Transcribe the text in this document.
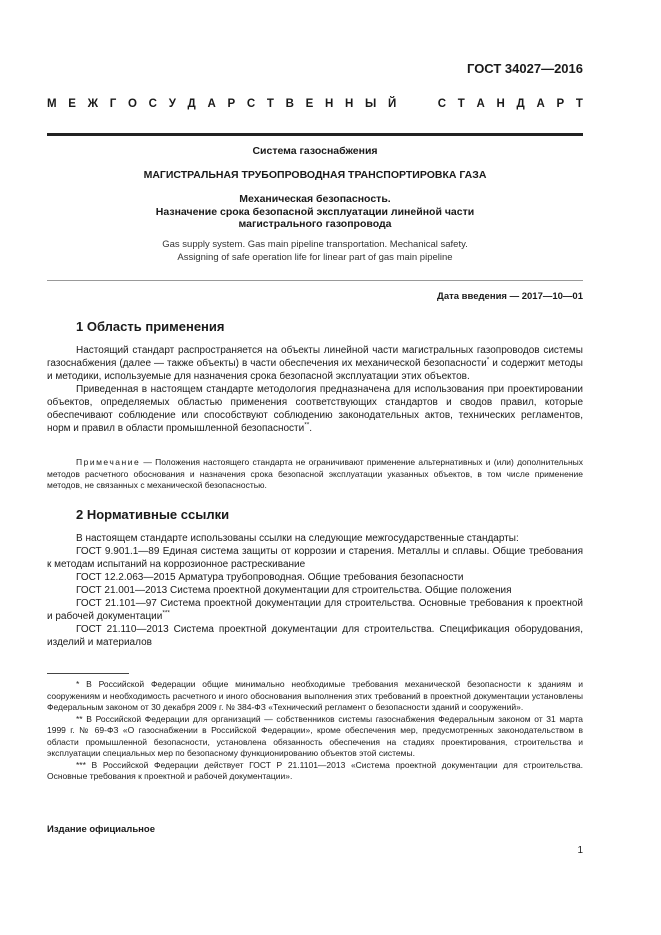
ГОСТ 34027—2016
М Е Ж Г О С У Д А Р С Т В Е Н Н Ы Й

	С Т А Н Д А Р Т
Система газоснабжения
МАГИСТРАЛЬНАЯ ТРУБОПРОВОДНАЯ ТРАНСПОРТИРОВКА ГАЗА
Механическая безопасность.
Назначение срока безопасной эксплуатации линейной части
магистрального газопровода
Gas supply system. Gas main pipeline transportation. Mechanical safety.
Assigning of safe operation life for linear part of gas main pipeline
Дата введения — 2017—10—01
1 Область применения

Настоящий стандарт распространяется на объекты линейной части магистральных газопроводов системы газоснабжения (далее — также объекты) в части обеспечения их механической безопасности* и содержит методы и методики, используемые для назначения срока безопасной эксплуатации этих объектов.

Приведенная в настоящем стандарте методология предназначена для использования при проектировании объектов, определяемых областью применения соответствующих стандартов и сводов правил, которые обеспечивают соблюдение или способствуют соблюдению законодательных актов, технических регламентов, норм и правил в области промышленной безопасности**.

Примечание — Положения настоящего стандарта не ограничивают применение альтернативных и (или) дополнительных методов расчетного обоснования и назначения срока безопасной эксплуатации указанных объектов, в том числе применение методов, не связанных с механической безопасностью.

2 Нормативные ссылки

В настоящем стандарте использованы ссылки на следующие межгосударственные стандарты:

ГОСТ 9.901.1—89 Единая система защиты от коррозии и старения. Металлы и сплавы. Общие требования к методам испытаний на коррозионное растрескивание

ГОСТ 12.2.063—2015 Арматура трубопроводная. Общие требования безопасности

ГОСТ 21.001—2013 Система проектной документации для строительства. Общие положения

ГОСТ 21.101—97 Система проектной документации для строительства. Основные требования к проектной и рабочей документации***

ГОСТ 21.110—2013 Система проектной документации для строительства. Спецификация оборудования, изделий и материалов

* В Российской Федерации общие минимально необходимые требования механической безопасности к зданиям и сооружениям и необходимость расчетного и иного обоснования выполнения этих требований в проектной документации установлены Федеральным законом от 30 декабря 2009 г. № 384-ФЗ «Технический регламент о безопасности зданий и сооружений».

** В Российской Федерации для организаций — собственников системы газоснабжения Федеральным законом от 31 марта 1999 г. № 69-ФЗ «О газоснабжении в Российской Федерации», кроме обеспечения мер, предусмотренных законодательством в области промышленной безопасности, установлена обязанность обеспечения на стадиях проектирования, строительства и эксплуатации специальных мер по безопасному функционированию объектов этой системы.

*** В Российской Федерации действует ГОСТ Р 21.1101—2013 «Система проектной документации для строительства. Основные требования к проектной и рабочей документации».

Издание официальное
1
